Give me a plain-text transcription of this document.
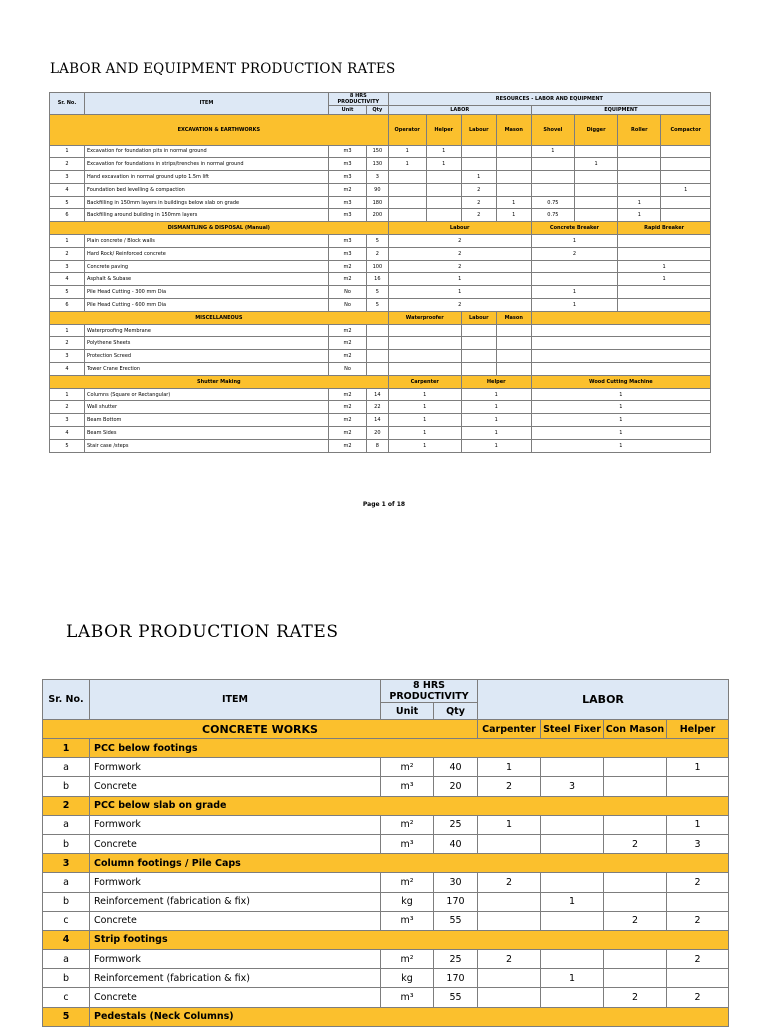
LABOR AND EQUIPMENT PRODUCTION RATES
Sr. No.	ITEM	8 HRS PRODUCTIVITY		RESOURCES - LABOR AND EQUIPMENT							
		Unit	Qty	LABOR				EQUIPMENT			
EXCAVATION & EARTHWORKS				Operator	Helper	Labour	Mason	Shovel	Digger	Roller	Compactor
1	Excavation for foundation pits in normal ground	m3	150	1	1			1			
2	Excavation for foundations in strips/trenches in normal ground	m3	130	1	1				1		
3	Hand excavation in normal ground upto 1.5m lift	m3	3			1					
4	Foundation bed levelling & compaction	m2	90			2					1
5	Backfilling in 150mm layers in buildings below slab on grade	m3	180			2	1	0.75		1	
6	Backfilling around building in 150mm layers	m3	200			2	1	0.75		1	
DISMANTLING & DISPOSAL (Manual)				Labour				Concrete Breaker		Rapid Breaker	
1	Plain concrete / Block walls	m3	5	2				1			
2	Hard Rock/ Reinforced concrete	m3	2	2				2			
3	Concrete paving	m2	100	2						1	
4	Asphalt & Subase	m2	16	1						1	
5	Pile Head Cutting - 300 mm Dia	No	5	1				1			
6	Pile Head Cutting - 600 mm Dia	No	5	2				1			
MISCELLANEOUS				Waterproofer		Labour	Mason				
1	Waterproofing Membrane	m2									
2	Polythene Sheets	m2									
3	Protection Screed	m2									
4	Tower Crane Erection	No									
Shutter Making				Carpenter		Helper		Wood Cutting Machine			
1	Columns (Square or Rectangular)	m2	14	1		1		1			
2	Wall shutter	m2	22	1		1		1			
3	Beam Bottom	m2	14	1		1		1			
4	Beam Sides	m2	20	1		1		1			
5	Stair case /steps	m2	8	1		1		1			
Page 1 of 18
LABOR PRODUCTION RATES
Sr. No.	ITEM	8 HRS PRODUCTIVITY		LABOR			
		Unit	Qty				
CONCRETE WORKS				Carpenter	Steel Fixer	Con Mason	Helper
1	PCC below footings						
a	Formwork	m²	40	1			1
b	Concrete	m³	20	2	3		
2	PCC below slab on grade						
a	Formwork	m²	25	1			1
b	Concrete	m³	40			2	3
3	Column footings / Pile Caps						
a	Formwork	m²	30	2			2
b	Reinforcement (fabrication & fix)	kg	170		1		
c	Concrete	m³	55			2	2
4	Strip footings						
a	Formwork	m²	25	2			2
b	Reinforcement (fabrication & fix)	kg	170		1		
c	Concrete	m³	55			2	2
5	Pedestals (Neck Columns)						
